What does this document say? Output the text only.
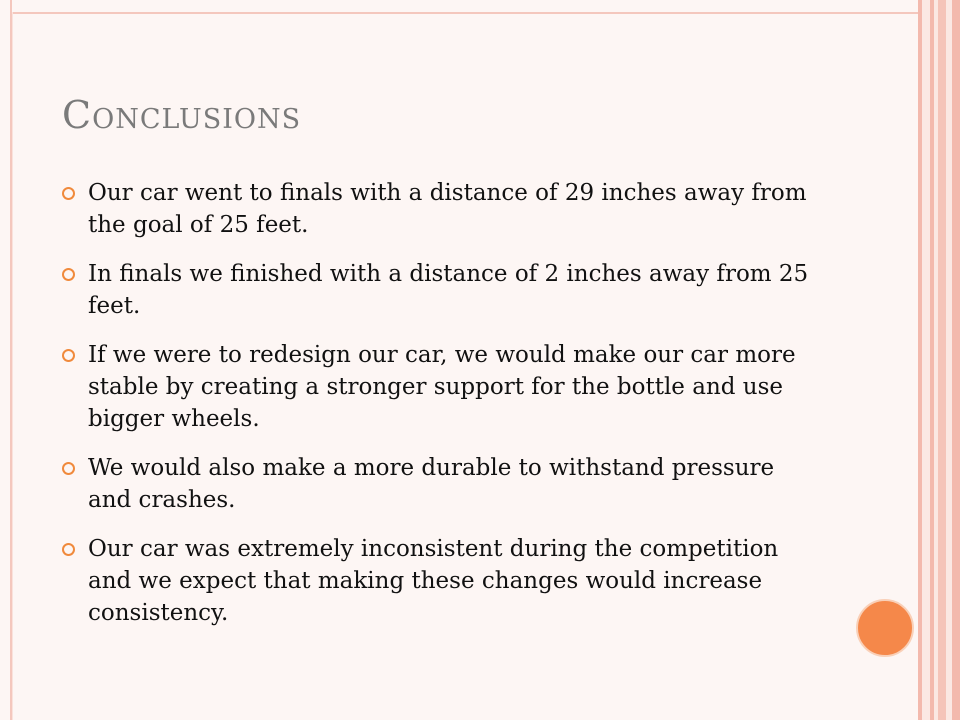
Conclusions
Our car went to finals with a distance of 29 inches away from the goal of 25 feet.
In finals we finished with a distance of 2 inches away from 25 feet.
If we were to redesign our car, we would make our car more stable by creating a stronger support for the bottle and use bigger wheels.
We would also make a more durable to withstand pressure and crashes.
Our car was extremely inconsistent during the competition and we expect that making these changes would increase consistency.
